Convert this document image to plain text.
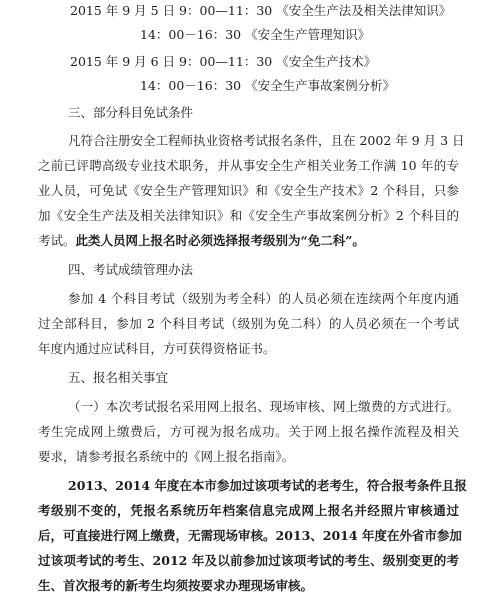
2015 年 9 月 5 日 9：00—11：30 《安全生产法及相关法律知识》
14：00－16：30 《安全生产管理知识》
2015 年 9 月 6 日 9：00—11：30 《安全生产技术》
14：00－16：30 《安全生产事故案例分析》
三、部分科目免试条件
凡符合注册安全工程师执业资格考试报名条件，且在 2002 年 9 月 3 日
之前已评聘高级专业技术职务，并从事安全生产相关业务工作满 10 年的专
业人员，可免试《安全生产管理知识》和《安全生产技术》2 个科目，只参
加《安全生产法及相关法律知识》和《安全生产事故案例分析》2 个科目的
考试。此类人员网上报名时必须选择报考级别为“免二科”。
四、考试成绩管理办法
参加 4 个科目考试（级别为考全科）的人员必须在连续两个年度内通
过全部科目，参加 2 个科目考试（级别为免二科）的人员必须在一个考试
年度内通过应试科目，方可获得资格证书。
五、报名相关事宜
（一）本次考试报名采用网上报名、现场审核、网上缴费的方式进行。
考生完成网上缴费后，方可视为报名成功。关于网上报名操作流程及相关
要求，请参考报名系统中的《网上报名指南》。
2013、2014 年度在本市参加过该项考试的老考生，符合报考条件且报
考级别不变的，凭报名系统历年档案信息完成网上报名并经照片审核通过
后，可直接进行网上缴费，无需现场审核。2013、2014 年度在外省市参加
过该项考试的考生、2012 年及以前参加过该项考试的考生、级别变更的考
生、首次报考的新考生均须按要求办理现场审核。
